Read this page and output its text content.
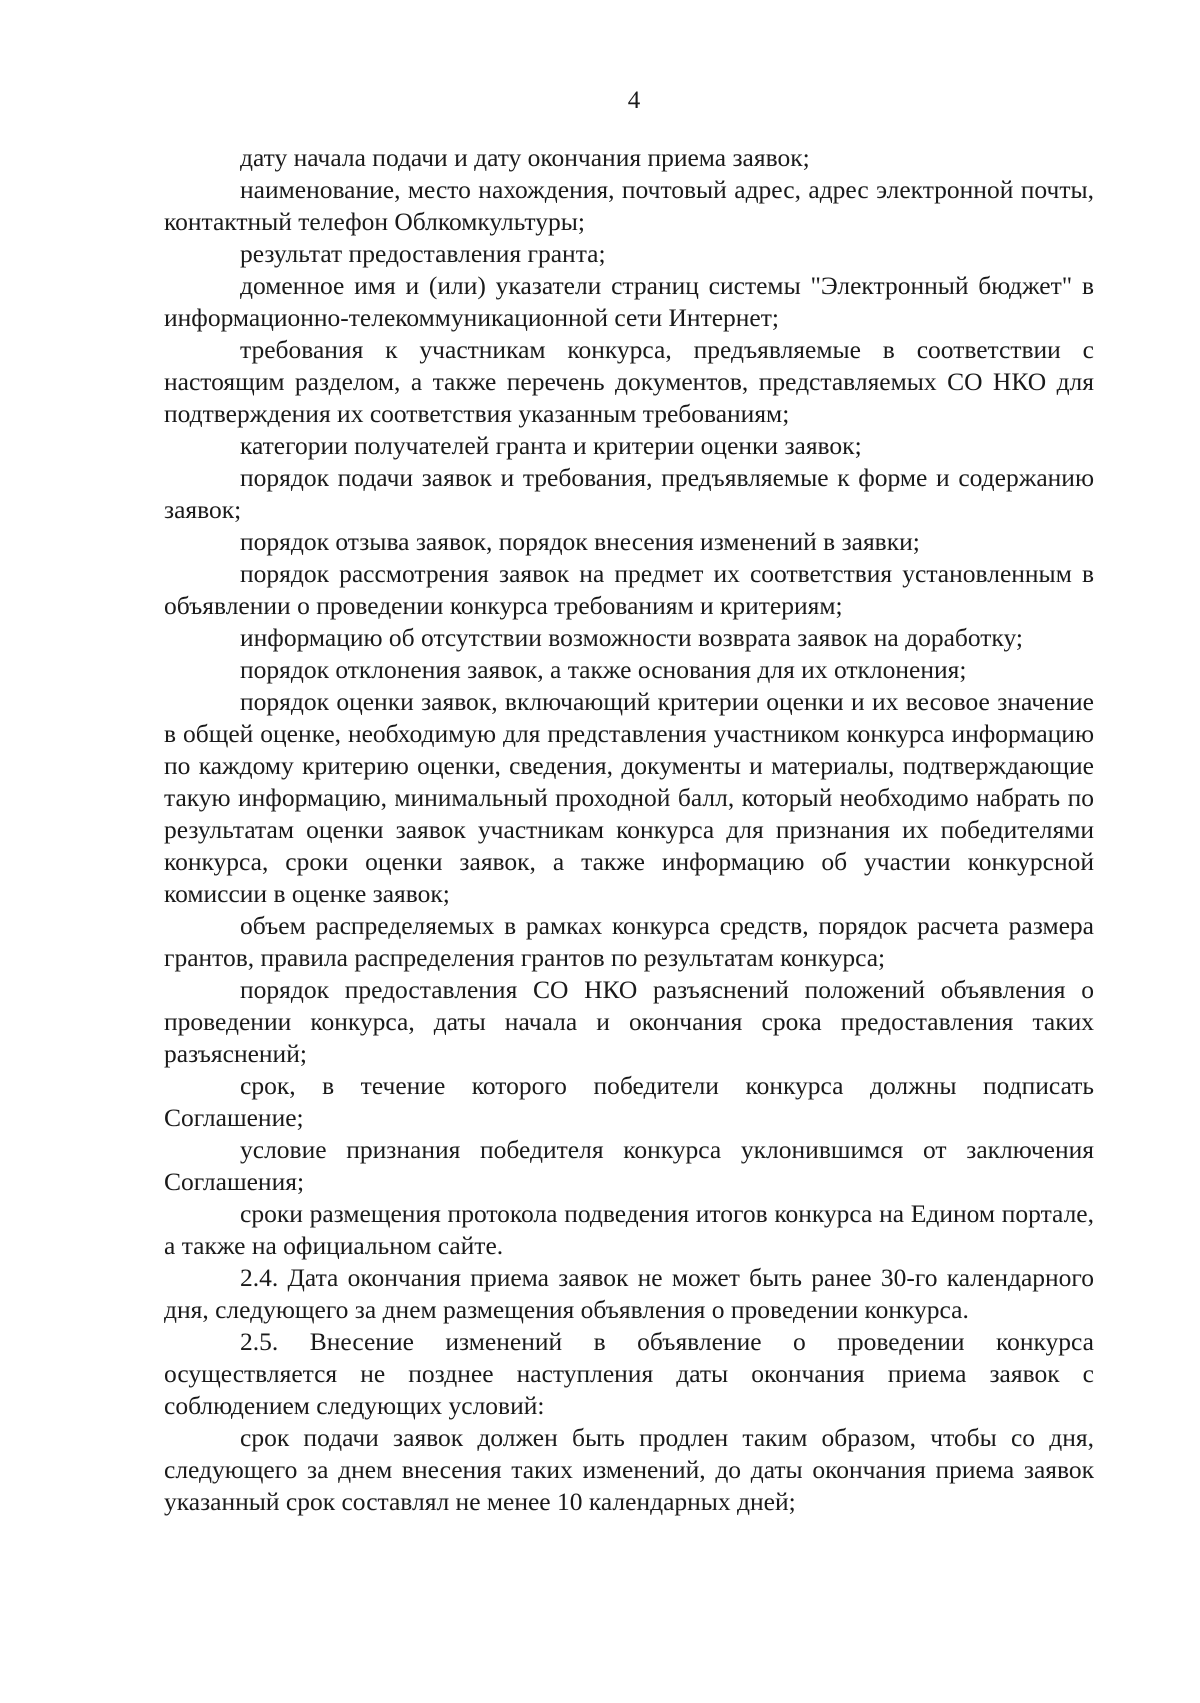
4

дату начала подачи и дату окончания приема заявок;

наименование, место нахождения, почтовый адрес, адрес электронной почты, контактный телефон Облкомкультуры;

результат предоставления гранта;

доменное имя и (или) указатели страниц системы "Электронный бюджет" в информационно-телекоммуникационной сети Интернет;

требования к участникам конкурса, предъявляемые в соответствии с настоящим разделом, а также перечень документов, представляемых СО НКО для подтверждения их соответствия указанным требованиям;

категории получателей гранта и критерии оценки заявок;

порядок подачи заявок и требования, предъявляемые к форме и содержанию заявок;

порядок отзыва заявок, порядок внесения изменений в заявки;

порядок рассмотрения заявок на предмет их соответствия установленным в объявлении о проведении конкурса требованиям и критериям;

информацию об отсутствии возможности возврата заявок на доработку;

порядок отклонения заявок, а также основания для их отклонения;

порядок оценки заявок, включающий критерии оценки и их весовое значение в общей оценке, необходимую для представления участником конкурса информацию по каждому критерию оценки, сведения, документы и материалы, подтверждающие такую информацию, минимальный проходной балл, который необходимо набрать по результатам оценки заявок участникам конкурса для признания их победителями конкурса, сроки оценки заявок, а также информацию об участии конкурсной комиссии в оценке заявок;

объем распределяемых в рамках конкурса средств, порядок расчета размера грантов, правила распределения грантов по результатам конкурса;

порядок предоставления СО НКО разъяснений положений объявления о проведении конкурса, даты начала и окончания срока предоставления таких разъяснений;

срок, в течение которого победители конкурса должны подписать Соглашение;

условие признания победителя конкурса уклонившимся от заключения Соглашения;

сроки размещения протокола подведения итогов конкурса на Едином портале, а также на официальном сайте.

2.4. Дата окончания приема заявок не может быть ранее 30-го календарного дня, следующего за днем размещения объявления о проведении конкурса.

2.5. Внесение изменений в объявление о проведении конкурса осуществляется не позднее наступления даты окончания приема заявок с соблюдением следующих условий:

срок подачи заявок должен быть продлен таким образом, чтобы со дня, следующего за днем внесения таких изменений, до даты окончания приема заявок указанный срок составлял не менее 10 календарных дней;
